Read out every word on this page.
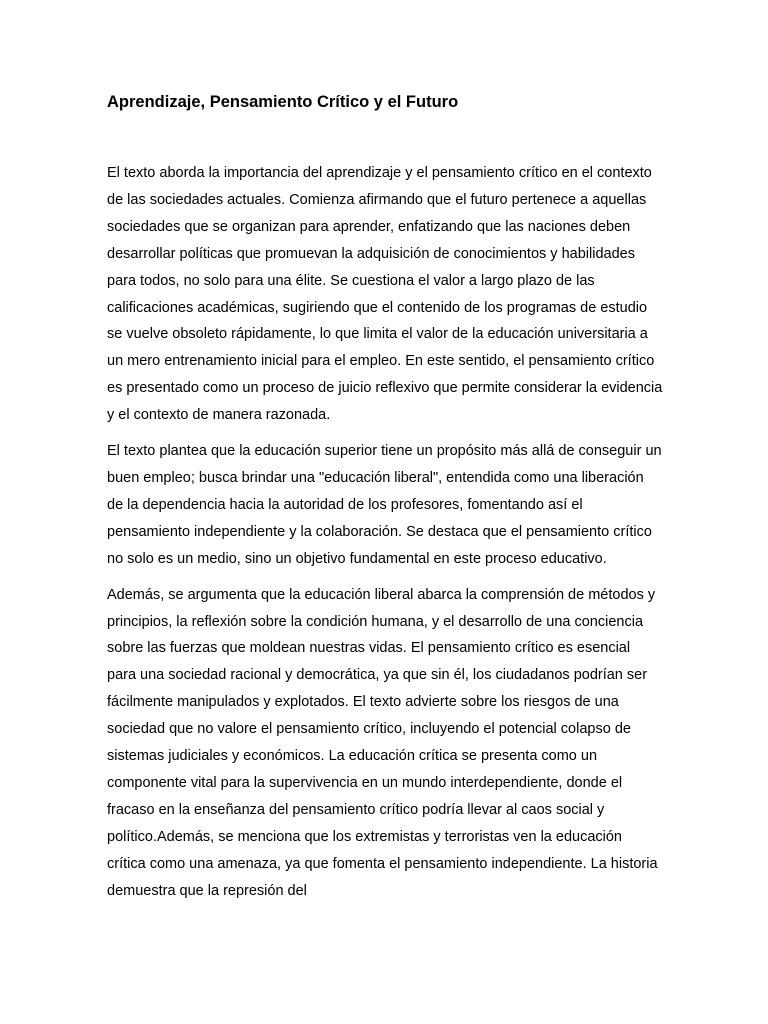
Aprendizaje, Pensamiento Crítico y el Futuro

El texto aborda la importancia del aprendizaje y el pensamiento crítico en el contexto de las sociedades actuales. Comienza afirmando que el futuro pertenece a aquellas sociedades que se organizan para aprender, enfatizando que las naciones deben desarrollar políticas que promuevan la adquisición de conocimientos y habilidades para todos, no solo para una élite. Se cuestiona el valor a largo plazo de las calificaciones académicas, sugiriendo que el contenido de los programas de estudio se vuelve obsoleto rápidamente, lo que limita el valor de la educación universitaria a un mero entrenamiento inicial para el empleo. En este sentido, el pensamiento crítico es presentado como un proceso de juicio reflexivo que permite considerar la evidencia y el contexto de manera razonada.

El texto plantea que la educación superior tiene un propósito más allá de conseguir un buen empleo; busca brindar una "educación liberal", entendida como una liberación de la dependencia hacia la autoridad de los profesores, fomentando así el pensamiento independiente y la colaboración. Se destaca que el pensamiento crítico no solo es un medio, sino un objetivo fundamental en este proceso educativo.

Además, se argumenta que la educación liberal abarca la comprensión de métodos y principios, la reflexión sobre la condición humana, y el desarrollo de una conciencia sobre las fuerzas que moldean nuestras vidas. El pensamiento crítico es esencial para una sociedad racional y democrática, ya que sin él, los ciudadanos podrían ser fácilmente manipulados y explotados. El texto advierte sobre los riesgos de una sociedad que no valore el pensamiento crítico, incluyendo el potencial colapso de sistemas judiciales y económicos. La educación crítica se presenta como un componente vital para la supervivencia en un mundo interdependiente, donde el fracaso en la enseñanza del pensamiento crítico podría llevar al caos social y político.Además, se menciona que los extremistas y terroristas ven la educación crítica como una amenaza, ya que fomenta el pensamiento independiente. La historia demuestra que la represión del
